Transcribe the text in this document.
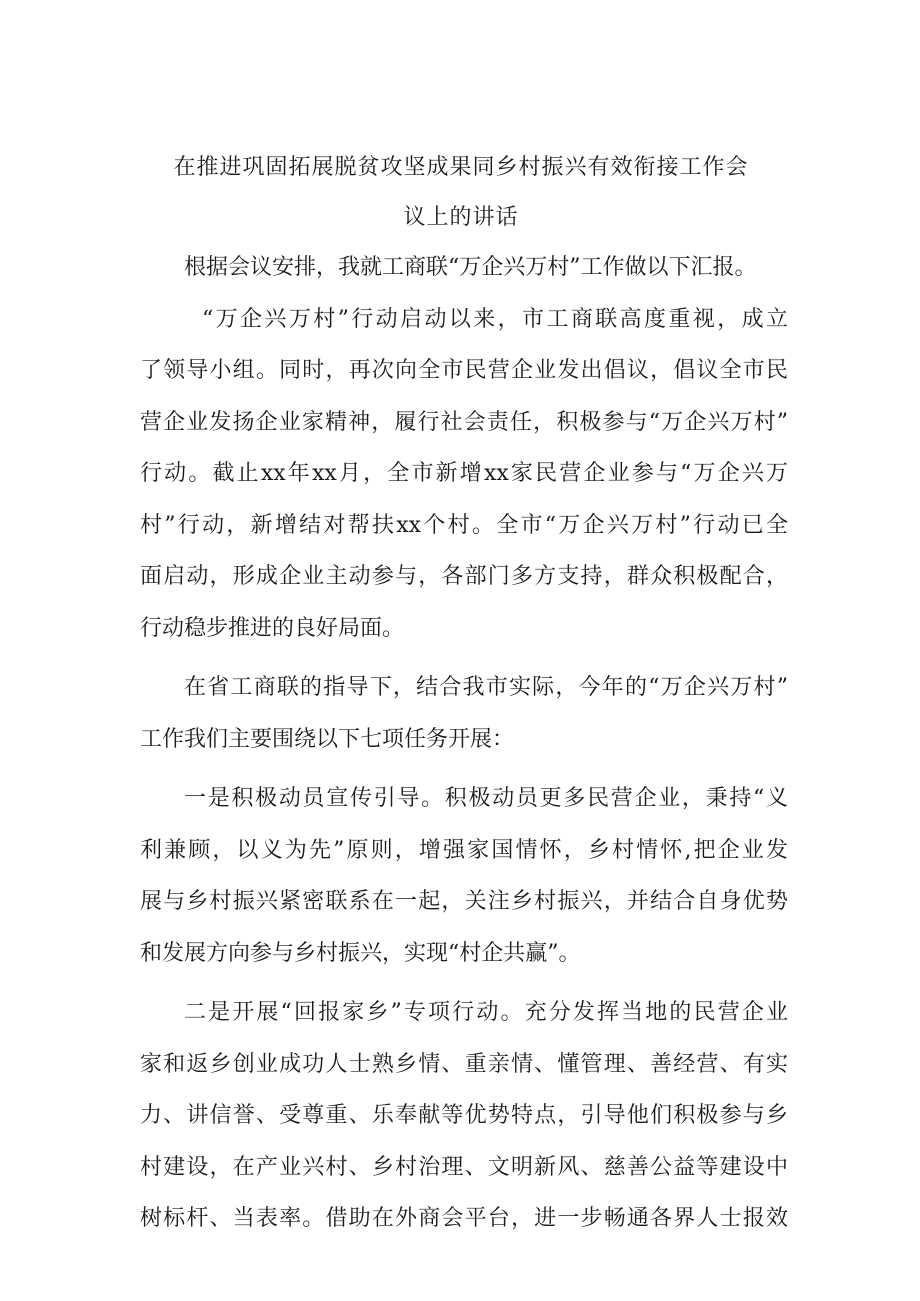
在推进巩固拓展脱贫攻坚成果同乡村振兴有效衔接工作会
议上的讲话
根据会议安排，我就工商联“万企兴万村”工作做以下汇报。
“万企兴万村”行动启动以来，市工商联高度重视，成立
了领导小组。同时，再次向全市民营企业发出倡议，倡议全市民
营企业发扬企业家精神，履行社会责任，积极参与“万企兴万村”
行动。截止xx年xx月，全市新增xx家民营企业参与“万企兴万
村”行动，新增结对帮扶xx个村。全市“万企兴万村”行动已全
面启动，形成企业主动参与，各部门多方支持，群众积极配合，
行动稳步推进的良好局面。
在省工商联的指导下，结合我市实际，今年的“万企兴万村”
工作我们主要围绕以下七项任务开展：
一是积极动员宣传引导。积极动员更多民营企业，秉持“义
利兼顾，以义为先”原则，增强家国情怀，乡村情怀,把企业发
展与乡村振兴紧密联系在一起，关注乡村振兴，并结合自身优势
和发展方向参与乡村振兴，实现“村企共赢”。
二是开展“回报家乡”专项行动。充分发挥当地的民营企业
家和返乡创业成功人士熟乡情、重亲情、懂管理、善经营、有实
力、讲信誉、受尊重、乐奉献等优势特点，引导他们积极参与乡
村建设，在产业兴村、乡村治理、文明新风、慈善公益等建设中
树标杆、当表率。借助在外商会平台，进一步畅通各界人士报效
